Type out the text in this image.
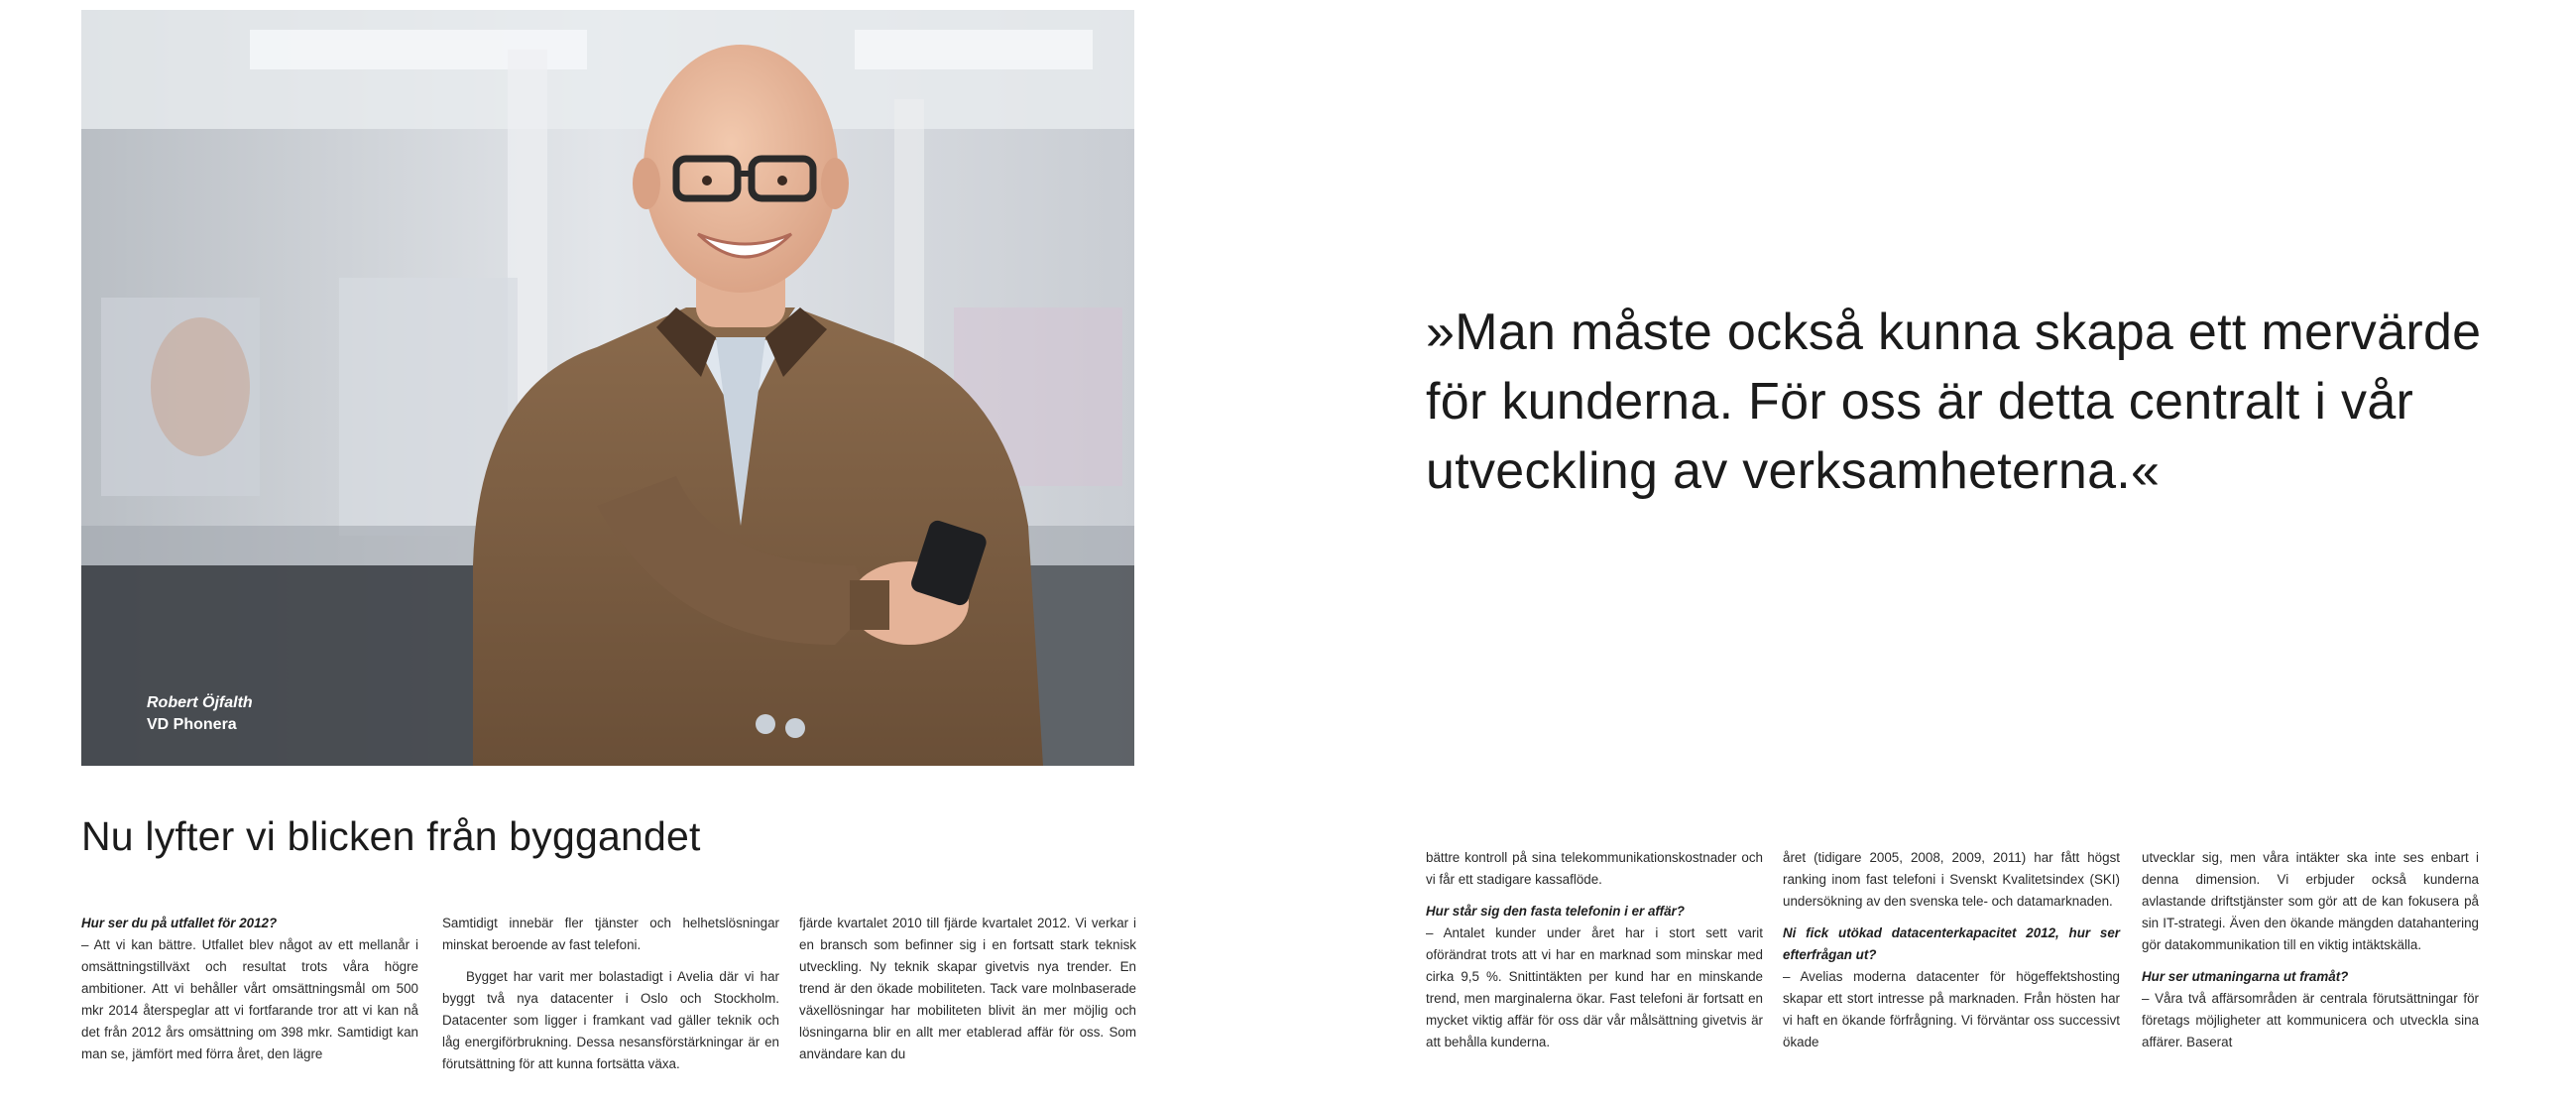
Robert Öjfalth
VD Phonera
»Man måste också kunna skapa ett mervärde
för kunderna. För oss är detta centralt i vår
utveckling av verksamheterna.«
Nu lyfter vi blicken från byggandet

Hur ser du på utfallet för 2012?

– Att vi kan bättre. Utfallet blev något av ett mellanår i omsättningstillväxt och resultat trots våra högre ambitioner. Att vi behåller vårt omsättningsmål om 500 mkr 2014 återspeglar att vi fortfarande tror att vi kan nå det från 2012 års omsättning om 398 mkr. Samtidigt kan man se, jämfört med förra året, den lägre

Samtidigt innebär fler tjänster och helhetslösningar minskat beroende av fast telefoni.

Bygget har varit mer bolastadigt i Avelia där vi har byggt två nya datacenter i Oslo och Stockholm. Datacenter som ligger i framkant vad gäller teknik och låg energiförbrukning. Dessa nesansförstärkningar är en förutsättning för att kunna fortsätta växa.

fjärde kvartalet 2010 till fjärde kvartalet 2012. Vi verkar i en bransch som befinner sig i en fortsatt stark teknisk utveckling. Ny teknik skapar givetvis nya trender. En trend är den ökade mobiliteten. Tack vare molnbaserade växellösningar har mobiliteten blivit än mer möjlig och lösningarna blir en allt mer etablerad affär för oss. Som användare kan du

bättre kontroll på sina telekommunikationskostnader och vi får ett stadigare kassaflöde.

Hur står sig den fasta telefonin i er affär?

– Antalet kunder under året har i stort sett varit oförändrat trots att vi har en marknad som minskar med cirka 9,5 %. Snittintäkten per kund har en minskande trend, men marginalerna ökar. Fast telefoni är fortsatt en mycket viktig affär för oss där vår målsättning givetvis är att behålla kunderna.

året (tidigare 2005, 2008, 2009, 2011) har fått högst ranking inom fast telefoni i Svenskt Kvalitetsindex (SKI) undersökning av den svenska tele- och datamarknaden.

Ni fick utökad datacenterkapacitet 2012, hur ser efterfrågan ut?

– Avelias moderna datacenter för högeffektshosting skapar ett stort intresse på marknaden. Från hösten har vi haft en ökande förfrågning. Vi förväntar oss successivt ökade

utvecklar sig, men våra intäkter ska inte ses enbart i denna dimension. Vi erbjuder också kunderna avlastande driftstjänster som gör att de kan fokusera på sin IT-strategi. Även den ökande mängden datahantering gör datakommunikation till en viktig intäktskälla.

Hur ser utmaningarna ut framåt?

– Våra två affärsområden är centrala förutsättningar för företags möjligheter att kommunicera och utveckla sina affärer. Baserat
